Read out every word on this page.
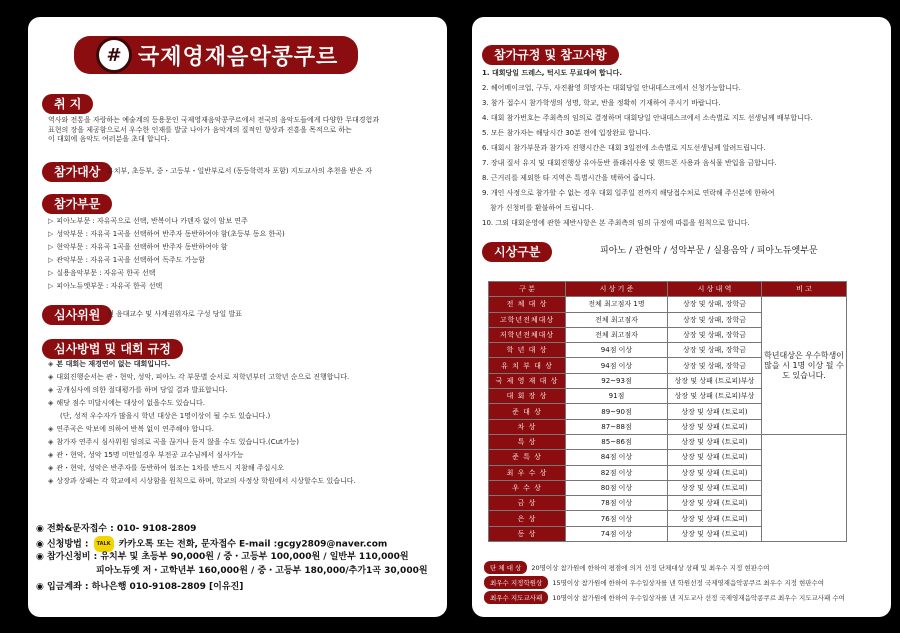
# 국제영재음악콩쿠르
취 지
역사와 전통을 자랑하는 예술계의 등용문인 국제영재음악콩쿠르에서 전국의 음악도들에게 다양한 무대경험과
표현의 장을 제공함으로서 우수한 인재를 발굴 나아가 음악계의 질적인 향상과 진흥을 목적으로 하는
이 대회에 음악도 여러분을 초대 합니다.
참가대상 유치부, 초등부, 중・고등부・일반부로서 (동등학력자 포함) 지도교사의 추천을 받은 자
참가부문
▷ 피아노부문 : 자유곡으로 선택, 반복이나 카덴자 없이 암보 연주
▷ 성악부문 : 자유곡 1곡을 선택하여 반주자 동반하여야 함(초등부 동요 한곡)
▷ 현악부문 : 자유곡 1곡을 선택하여 반주자 동반하여야 함
▷ 관악부문 : 자유곡 1곡을 선택하여 독주도 가능함
▷ 실용음악부문 : 자유곡 한곡 선택
▷ 피아노듀엣부문 : 자유곡 한곡 선택
심사위원 현 음대교수 및 사계권위자로 구성 당일 발표
심사방법 및 대회 규정
◈ 본 대회는 재경연이 없는 대회입니다.
◈ 대회진행순서는 관・현악, 성악, 피아노 각 부문별 순서로 저학년부터 고학년 순으로 진행합니다.
◈ 공개심사에 의한 절대평가를 하며 당일 결과 발표합니다.
◈ 해당 점수 미달시에는 대상이 없을수도 있습니다.
(단, 성적 우수자가 많을시 학년 대상은 1명이상이 될 수도 있습니다.)
◈ 연주곡은 악보에 의하여 반복 없이 연주해야 합니다.
◈ 참가자 연주시 심사위원 임의로 곡을 끊거나 듣지 않을 수도 있습니다.(Cut가능)
◈ 관・현악, 성악 15명 미만일경우 부전공 교수님께서 심사가능
◈ 관・현악, 성악은 반주자를 동반하여 협조는 1차를 반드시 지참해 주십시오
◈ 상장과 상패는 각 학교에서 시상함을 원칙으로 하며, 학교의 사정상 학원에서 시상할수도 있습니다.
◉ 전화&문자접수 : 010- 9108-2809
◉ 신청방법 : TALK 카카오톡 또는 전화, 문자접수 E-mail :gcgy2809@naver.com
◉ 참가신청비 : 유치부 및 초등부 90,000원 / 중・고등부 100,000원 / 일반부 110,000원
피아노듀엣 저・고학년부 160,000원 / 중・고등부 180,000/추가1곡 30,000원
◉ 입금계좌 : 하나은행 010-9108-2809 [이유진]
참가규정 및 참고사항
1. 대회당일 드레스, 턱시도 무료대여 합니다.
2. 헤어메이크업, 구두, 사진촬영 희망자는 대회당일 안내데스크에서 신청가능합니다.
3. 참가 접수시 참가학생의 성명, 학교, 반을 정확히 기재하여 주시기 바랍니다.
4. 대회 참가번호는 주최측의 임의로 결정하며 대회당일 안내데스크에서 소속별로 지도 선생님께 배부합니다.
5. 모든 참가자는 해당시간 30분 전에 입장완료 합니다.
6. 대회시 참가부문과 참가자 진행시간은 대회 3일전에 소속별로 지도선생님께 알려드립니다.
7. 장내 질서 유지 및 대회진행상 유아동반 플래쉬사용 및 핸드폰 사용과 음식물 반입을 금합니다.
8. 근거리를 제외한 타 지역은 특별시간을 택하여 줍니다.
9. 개인 사정으로 참가할 수 없는 경우 대회 일주일 전까지 해당접수처로 연락해 주신분에 한하여
참가 신청비를 환불하여 드립니다.
10. 그외 대회운영에 관한 제반사항은 본 주최측의 임의 규정에 따름을 원칙으로 합니다.
시상구분	피아노 / 관현악 / 성악부문 / 실용음악 / 피아노듀엣부문
구 분	시 상 기 준	시 상 내 역	비 고
전 체 대 상	전체 최고점자 1명	상장 및 상패, 장학금	학년대상은 우수학생이 많을 시 1명 이상 될 수도 있습니다.
고학년전체대상	전체 최고점자	상장 및 상패, 장학금	
저학년전체대상	전체 최고점자	상장 및 상패, 장학금	
학 년 대 상	94점 이상	상장 및 상패, 장학금	
유 치 부 대 상	94점 이상	상장 및 상패, 장학금	
국 제 영 재 대 상	92~93점	상장 및 상패 (트로피)부상	
대 회 장 상	91점	상장 및 상패 (트로피)부상	
준 대 상	89~90점	상장 및 상패 (트로피)	
차 상	87~88점	상장 및 상패 (트로피)	
특 상	85~86점	상장 및 상패 (트로피)	
준 특 상	84점 이상	상장 및 상패 (트로피)	
최 우 수 상	82점 이상	상장 및 상패 (트로피)	
우 수 상	80점 이상	상장 및 상패 (트로피)	
금 상	78점 이상	상장 및 상패 (트로피)	
은 상	76점 이상	상장 및 상패 (트로피)	
동 상	74점 이상	상장 및 상패 (트로피)	
단 체 대 상	20명이상 참가원에 한하여 평점에 의거 선정 단체대상 상패 및 최우수 지정 현판수여
최우수 지정학원상	15명이상 참가원에 한하여 우수입상자를 낸 학원선정 국제영재음악콩쿠르 최우수 지정 현판수여
최우수 지도교사패	10명이상 참가원에 한하여 우수입상자를 낸 지도교사 선정 국제영재음악콩쿠르 최우수 지도교사패 수여
